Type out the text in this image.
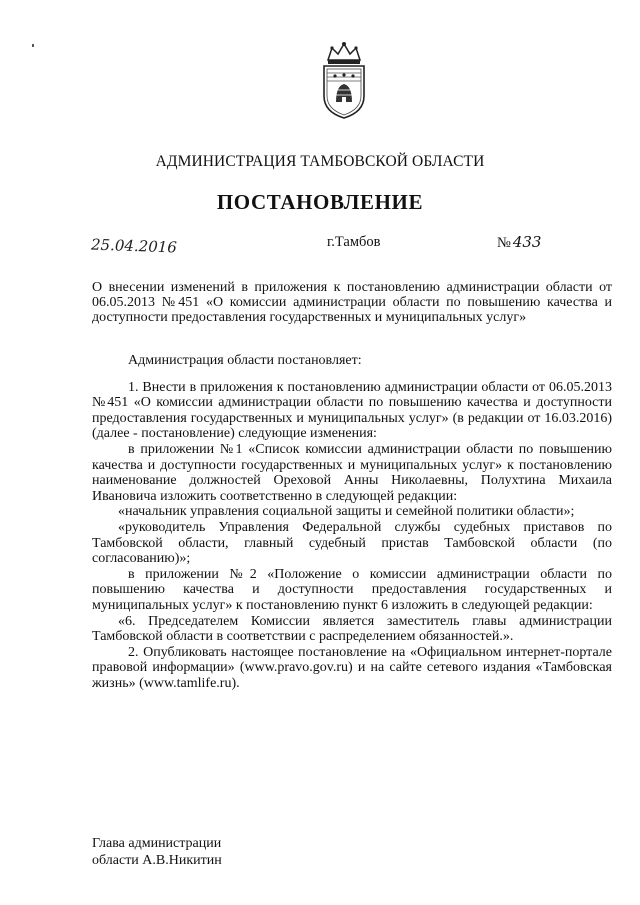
АДМИНИСТРАЦИЯ ТАМБОВСКОЙ ОБЛАСТИ
ПОСТАНОВЛЕНИЕ
25.04.2016	г.Тамбов	№ 433
О внесении изменений в приложения к постановлению администрации области от 06.05.2013 №451 «О комиссии администрации области по повышению качества и доступности предоставления государственных и муниципальных услуг»

Администрация области постановляет:

1. Внести в приложения к постановлению администрации области от 06.05.2013 №451 «О комиссии администрации области по повышению качества и доступности предоставления государственных и муниципальных услуг» (в редакции от 16.03.2016) (далее - постановление) следующие изменения:

в приложении №1 «Список комиссии администрации области по повышению качества и доступности государственных и муниципальных услуг» к постановлению наименование должностей Ореховой Анны Николаевны, Полухтина Михаила Ивановича изложить соответственно в следующей редакции:

«начальник управления социальной защиты и семейной политики области»;

«руководитель Управления Федеральной службы судебных приставов по Тамбовской области, главный судебный пристав Тамбовской области (по согласованию)»;

в приложении №2 «Положение о комиссии администрации области по повышению качества и доступности предоставления государственных и муниципальных услуг» к постановлению пункт 6 изложить в следующей редакции:

«6. Председателем Комиссии является заместитель главы администрации Тамбовской области в соответствии с распределением обязанностей.».

2. Опубликовать настоящее постановление на «Официальном интернет-портале правовой информации» (www.pravo.gov.ru) и на сайте сетевого издания «Тамбовская жизнь» (www.tamlife.ru).

Глава администрации
области А.В.Никитин
